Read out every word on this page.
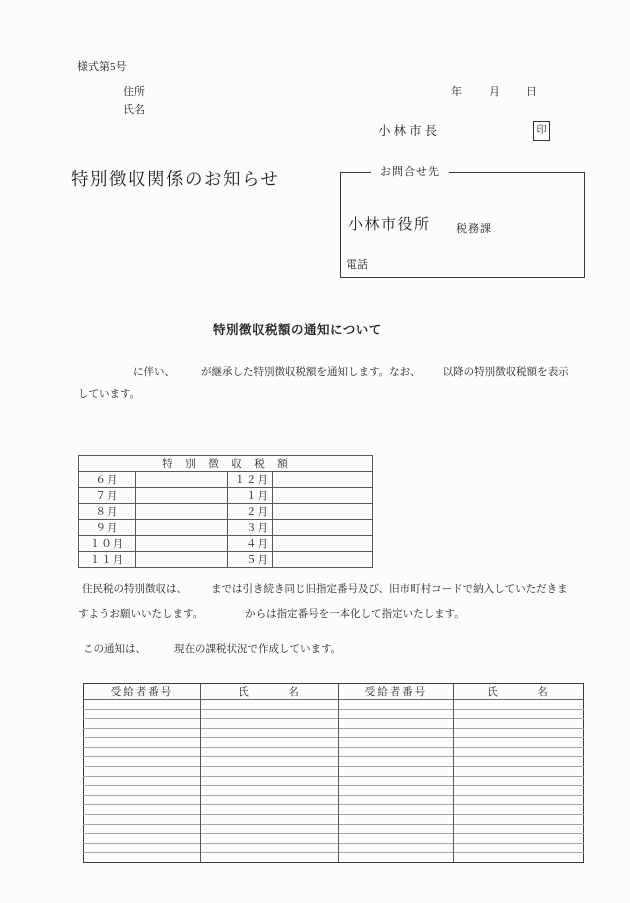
様式第5号
住所
氏名
年 月 日
小林市長	印
特別徴収関係のお知らせ	お問合せ先
小林市役所 税務課
電話
特別徴収税額の通知について
に伴い、 が継承した特別徴収税額を通知します。なお、 以降の特別徴収税額を表示
しています。
特　別　徴　収　税　額			
６月		１２月	
７月		１月	
８月		２月	
９月		３月	
１０月		４月	
１１月		５月	
住民税の特別徴収は、 までは引き続き同じ旧指定番号及び、旧市町村コードで納入していただきま
すようお願いいたします。	からは指定番号を一本化して指定いたします。
この通知は、	現在の課税状況で作成しています。
受給者番号	氏　　　名	受給者番号	氏　　　名
